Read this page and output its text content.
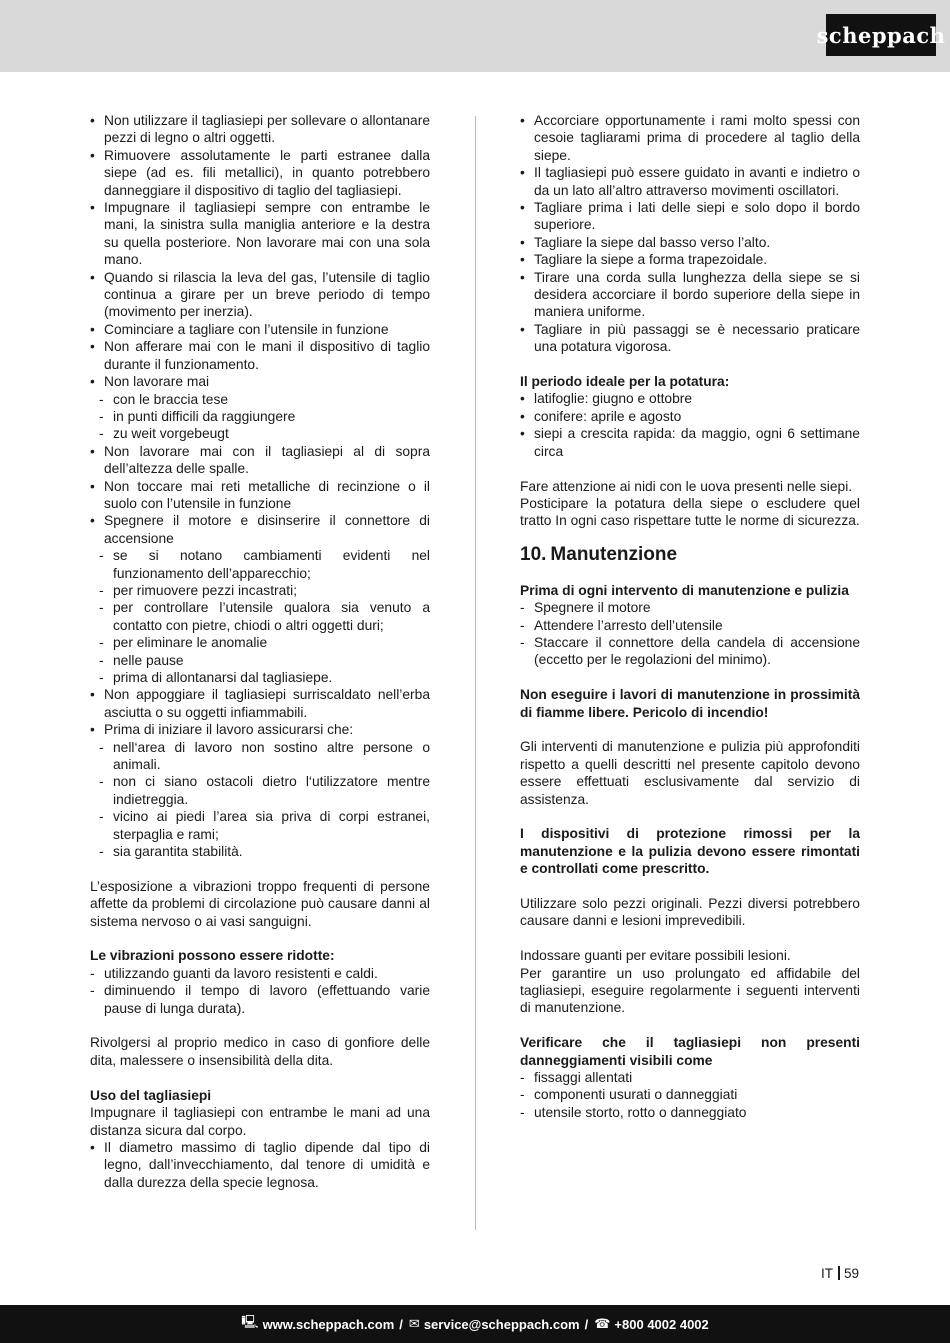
scheppach
• Non utilizzare il tagliasiepi per sollevare o allontanare pezzi di legno o altri oggetti.
• Rimuovere assolutamente le parti estranee dalla siepe (ad es. fili metallici), in quanto potrebbero danneggiare il dispositivo di taglio del tagliasiepi.
• Impugnare il tagliasiepi sempre con entrambe le mani, la sinistra sulla maniglia anteriore e la destra su quella posteriore. Non lavorare mai con una sola mano.
• Quando si rilascia la leva del gas, l’utensile di taglio continua a girare per un breve periodo di tempo (movimento per inerzia).
• Cominciare a tagliare con l’utensile in funzione
• Non afferare mai con le mani il dispositivo di taglio durante il funzionamento.
• Non lavorare mai
- con le braccia tese
- in punti difficili da raggiungere
- zu weit vorgebeugt
• Non lavorare mai con il tagliasiepi al di sopra dell’altezza delle spalle.
• Non toccare mai reti metalliche di recinzione o il suolo con l’utensile in funzione
• Spegnere il motore e disinserire il connettore di accensione
- se si notano cambiamenti evidenti nel funzionamento dell’apparecchio;
- per rimuovere pezzi incastrati;
- per controllare l’utensile qualora sia venuto a contatto con pietre, chiodi o altri oggetti duri;
- per eliminare le anomalie
- nelle pause
- prima di allontanarsi dal tagliasiepe.
• Non appoggiare il tagliasiepi surriscaldato nell’erba asciutta o su oggetti infiammabili.
• Prima di iniziare il lavoro assicurarsi che:
- nell‘area di lavoro non sostino altre persone o animali.
- non ci siano ostacoli dietro l‘utilizzatore mentre indietreggia.
- vicino ai piedi l’area sia priva di corpi estranei, sterpaglia e rami;
- sia garantita stabilità.

L’esposizione a vibrazioni troppo frequenti di persone affette da problemi di circolazione può causare danni al sistema nervoso o ai vasi sanguigni.

Le vibrazioni possono essere ridotte:

- utilizzando guanti da lavoro resistenti e caldi.
- diminuendo il tempo di lavoro (effettuando varie pause di lunga durata).

Rivolgersi al proprio medico in caso di gonfiore delle dita, malessere o insensibilità della dita.

Uso del tagliasiepi

Impugnare il tagliasiepi con entrambe le mani ad una distanza sicura dal corpo.

• Il diametro massimo di taglio dipende dal tipo di legno, dall’invecchiamento, dal tenore di umidità e dalla durezza della specie legnosa.
• Accorciare opportunamente i rami molto spessi con cesoie tagliarami prima di procedere al taglio della siepe.
• Il tagliasiepi può essere guidato in avanti e indietro o da un lato all’altro attraverso movimenti oscillatori.
• Tagliare prima i lati delle siepi e solo dopo il bordo superiore.
• Tagliare la siepe dal basso verso l’alto.
• Tagliare la siepe a forma trapezoidale.
• Tirare una corda sulla lunghezza della siepe se si desidera accorciare il bordo superiore della siepe in maniera uniforme.
• Tagliare in più passaggi se è necessario praticare una potatura vigorosa.

Il periodo ideale per la potatura:

• latifoglie: giugno e ottobre
• conifere: aprile e agosto
• siepi a crescita rapida: da maggio, ogni 6 settimane circa

Fare attenzione ai nidi con le uova presenti nelle siepi.

Posticipare la potatura della siepe o escludere quel tratto In ogni caso rispettare tutte le norme di sicurezza.

10. Manutenzione

Prima di ogni intervento di manutenzione e pulizia

- Spegnere il motore
- Attendere l’arresto dell’utensile
- Staccare il connettore della candela di accensione (eccetto per le regolazioni del minimo).

Non eseguire i lavori di manutenzione in prossimità di fiamme libere. Pericolo di incendio!

Gli interventi di manutenzione e pulizia più approfonditi rispetto a quelli descritti nel presente capitolo devono essere effettuati esclusivamente dal servizio di assistenza.

I dispositivi di protezione rimossi per la manutenzione e la pulizia devono essere rimontati e controllati come prescritto.

Utilizzare solo pezzi originali. Pezzi diversi potrebbero causare danni e lesioni imprevedibili.

Indossare guanti per evitare possibili lesioni.

Per garantire un uso prolungato ed affidabile del tagliasiepi, eseguire regolarmente i seguenti interventi di manutenzione.

Verificare che il tagliasiepi non presenti danneggiamenti visibili come

- fissaggi allentati
- componenti usurati o danneggiati
- utensile storto, rotto o danneggiato
IT 59
🖳 www.scheppach.com / ✉ service@scheppach.com / ☎ +800 4002 4002
